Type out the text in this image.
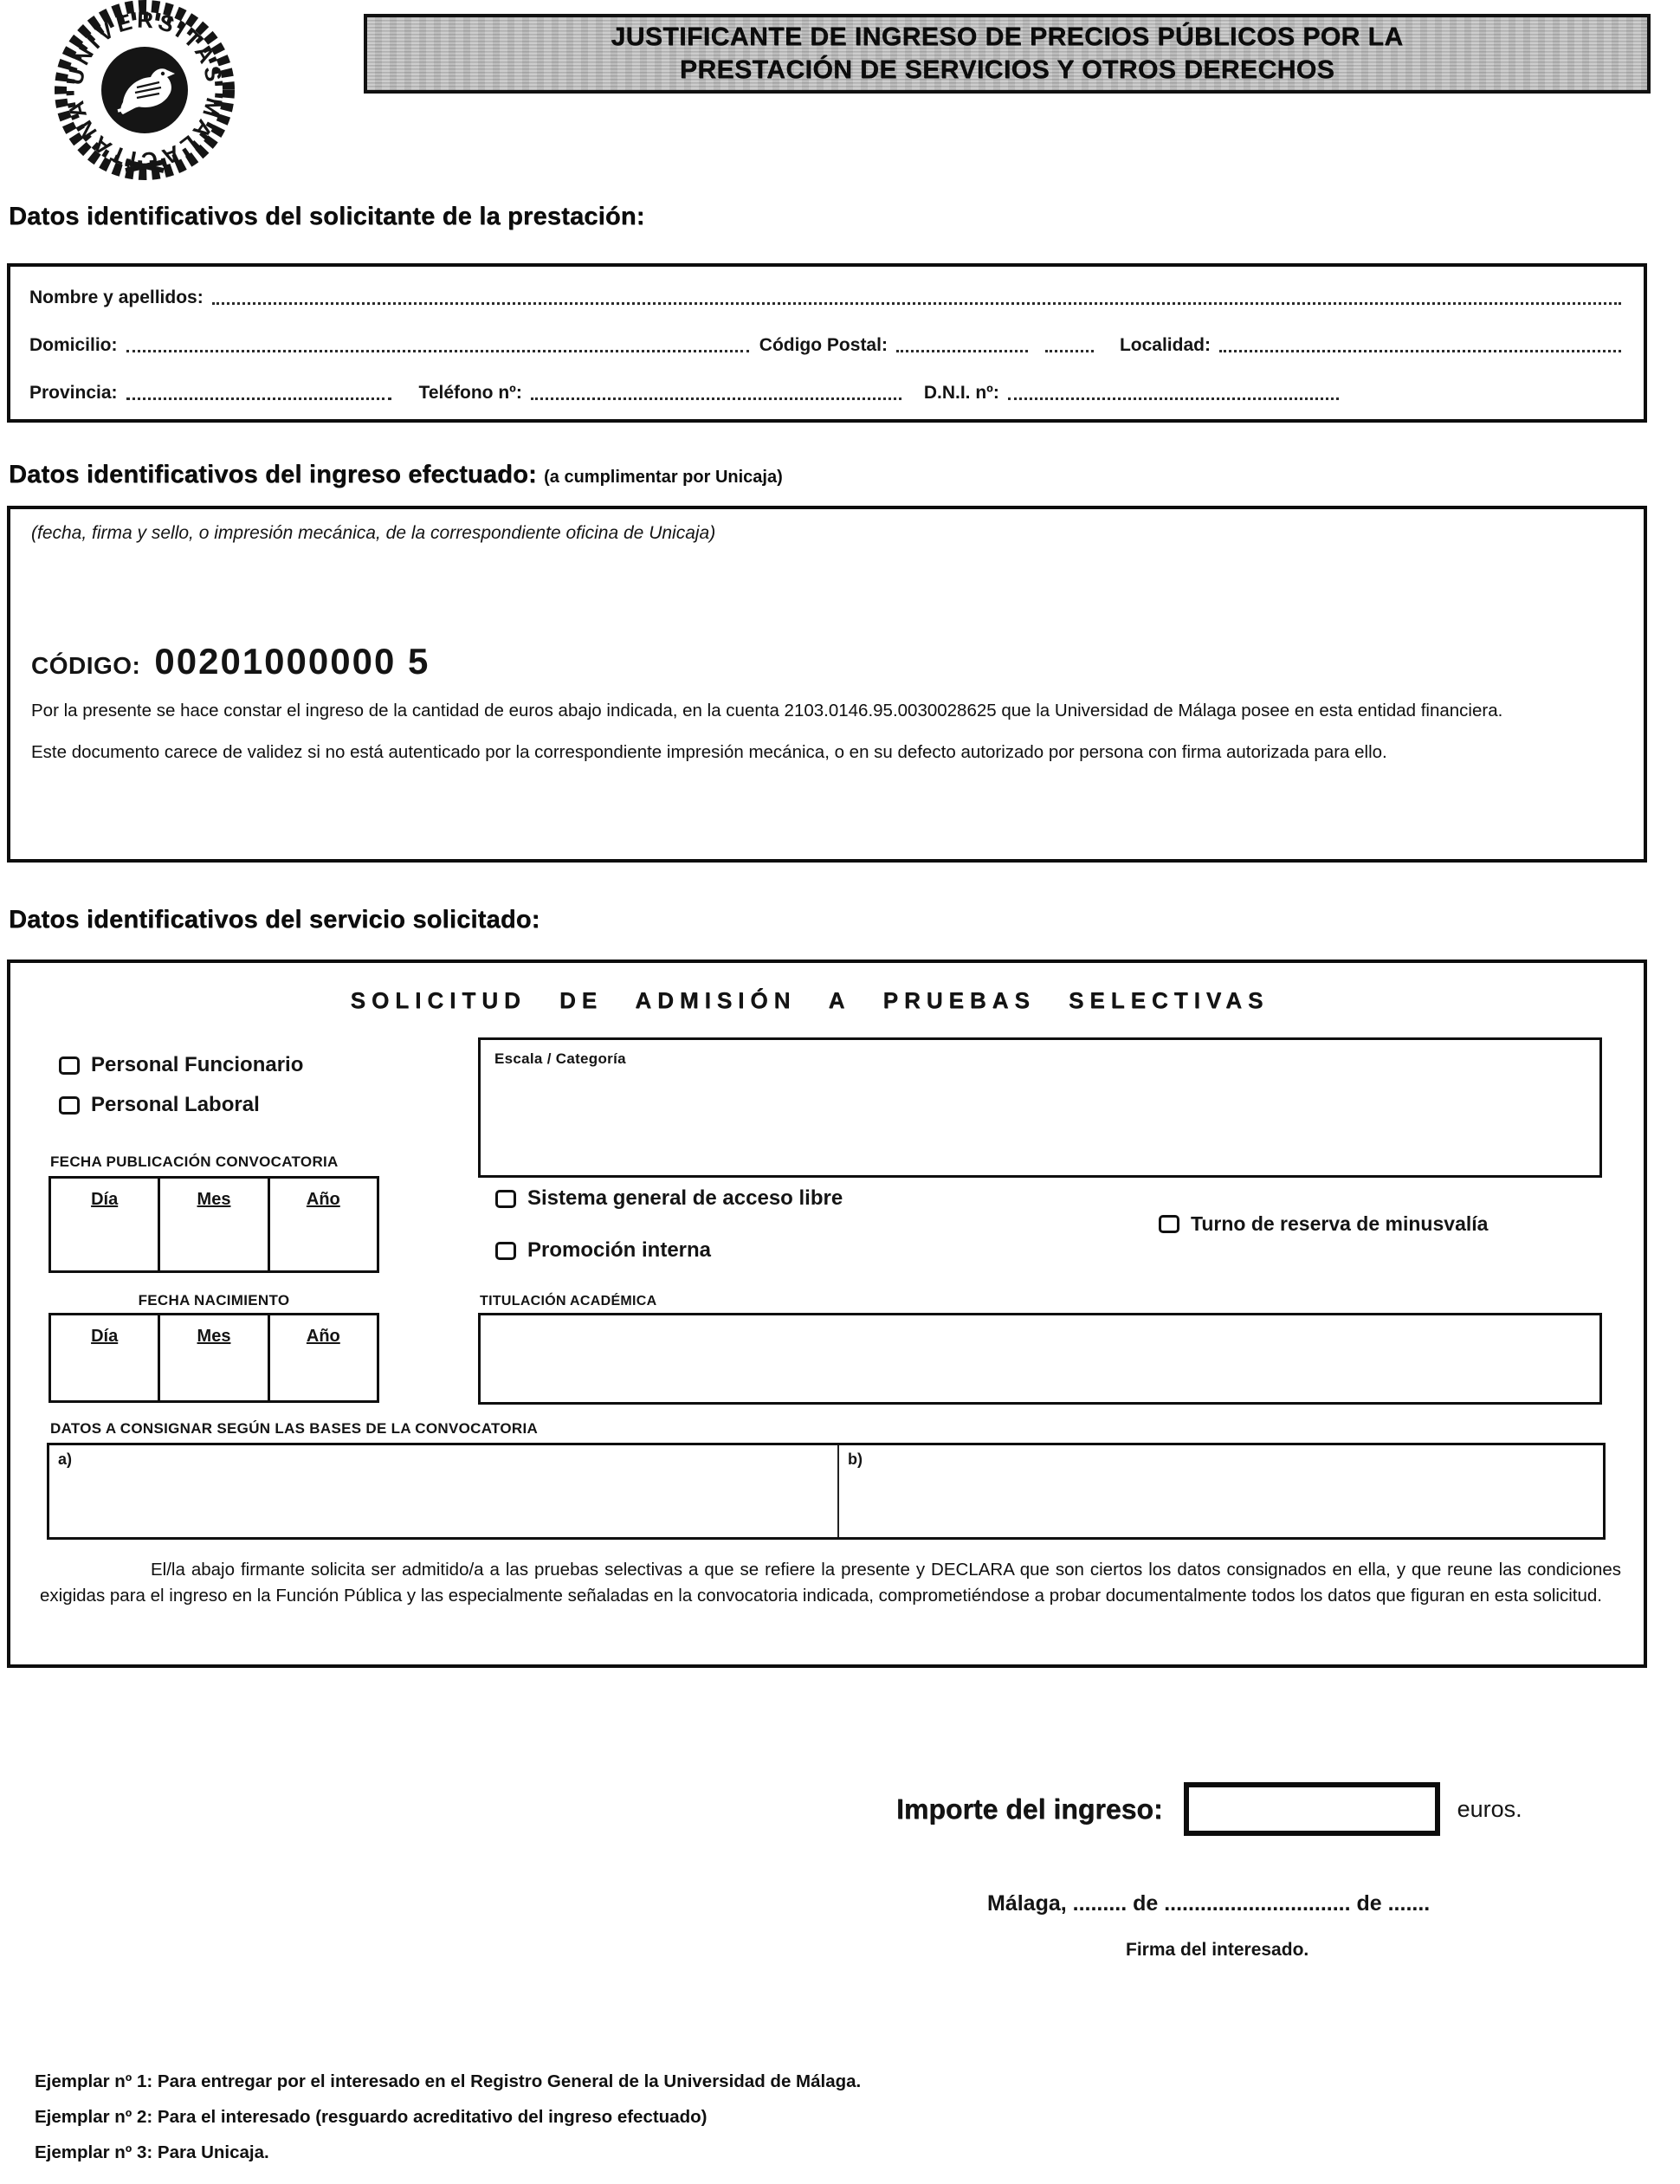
UNIVERSITAS
MALACITANA
JUSTIFICANTE DE INGRESO DE PRECIOS PÚBLICOS POR LA
PRESTACIÓN DE SERVICIOS Y OTROS DERECHOS
Datos identificativos del solicitante de la prestación:
Nombre y apellidos:
Domicilio:	Código Postal:	Localidad:
Provincia:	Teléfono nº:	D.N.I. nº:
Datos identificativos del ingreso efectuado: (a cumplimentar por Unicaja)
(fecha, firma y sello, o impresión mecánica, de la correspondiente oficina de Unicaja)
CÓDIGO: 00201000000 5

Por la presente se hace constar el ingreso de la cantidad de euros abajo indicada, en la cuenta 2103.0146.95.0030028625 que la Universidad de Málaga posee en esta entidad financiera.

Este documento carece de validez si no está autenticado por la correspondiente impresión mecánica, o en su defecto autorizado por persona con firma autorizada para ello.

Datos identificativos del servicio solicitado:
SOLICITUD DE ADMISIÓN A PRUEBAS SELECTIVAS
Personal Funcionario
Personal Laboral
Escala / Categoría
FECHA PUBLICACIÓN CONVOCATORIA
Día	Mes	Año	Sistema general de acceso libre
Promoción interna
Turno de reserva de minusvalía
FECHA NACIMIENTO
Día	Mes	Año
TITULACIÓN ACADÉMICA
DATOS A CONSIGNAR SEGÚN LAS BASES DE LA CONVOCATORIA
a)	b)
El/la abajo firmante solicita ser admitido/a a las pruebas selectivas a que se refiere la presente y DECLARA que son ciertos los datos consignados en ella, y que reune las condiciones exigidas para el ingreso en la Función Pública y las especialmente señaladas en la convocatoria indicada, comprometiéndose a probar documentalmente todos los datos que figuran en esta solicitud.
Importe del ingreso:	euros.
Málaga, ......... de ............................... de .......
Firma del interesado.
Ejemplar nº 1: Para entregar por el interesado en el Registro General de la Universidad de Málaga.
Ejemplar nº 2: Para el interesado (resguardo acreditativo del ingreso efectuado)
Ejemplar nº 3: Para Unicaja.
